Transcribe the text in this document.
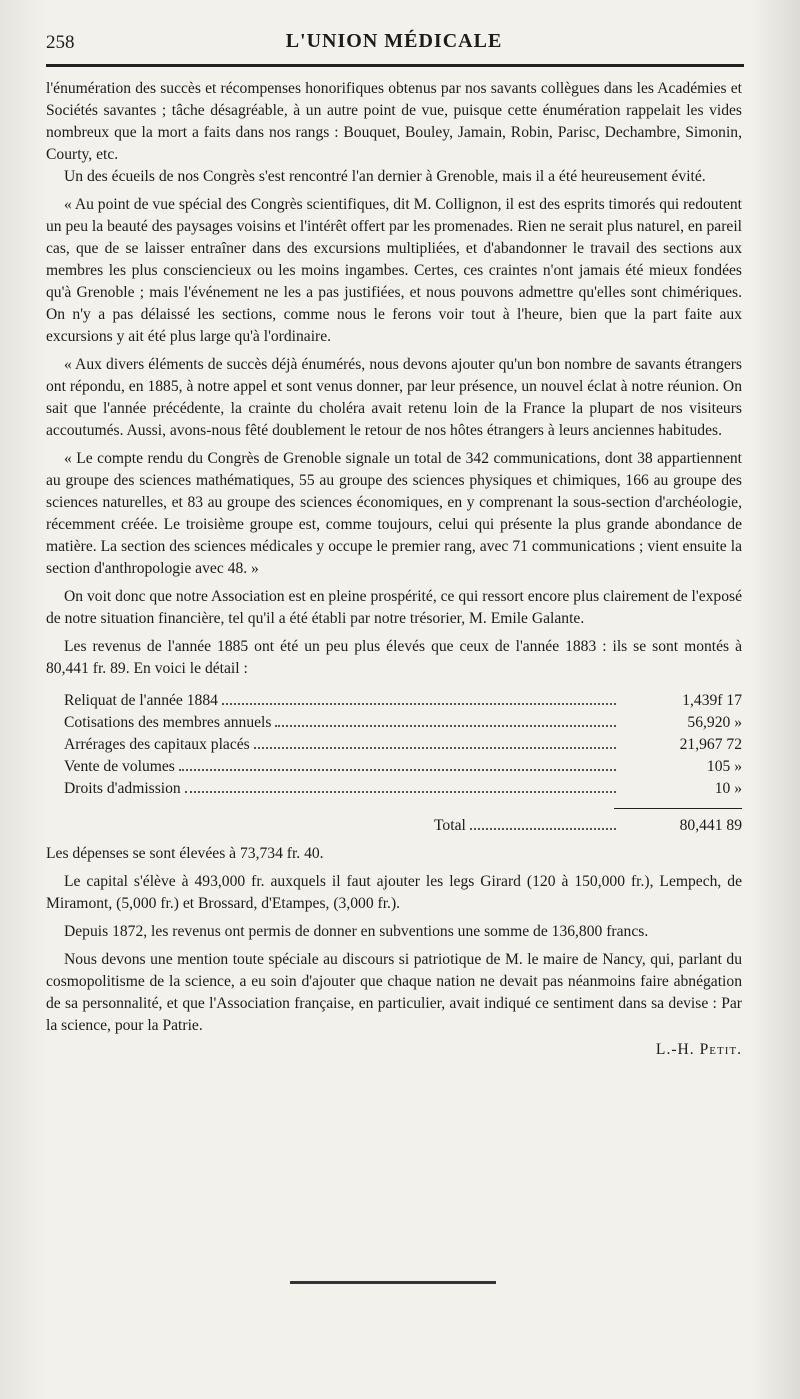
258	L'UNION MÉDICALE

l'énumération des succès et récompenses honorifiques obtenus par nos savants collègues dans les Académies et Sociétés savantes ; tâche désagréable, à un autre point de vue, puisque cette énumération rappelait les vides nombreux que la mort a faits dans nos rangs : Bouquet, Bouley, Jamain, Robin, Parisc, Dechambre, Simonin, Courty, etc.

Un des écueils de nos Congrès s'est rencontré l'an dernier à Grenoble, mais il a été heureusement évité.

« Au point de vue spécial des Congrès scientifiques, dit M. Collignon, il est des esprits timorés qui redoutent un peu la beauté des paysages voisins et l'intérêt offert par les promenades. Rien ne serait plus naturel, en pareil cas, que de se laisser entraîner dans des excursions multipliées, et d'abandonner le travail des sections aux membres les plus consciencieux ou les moins ingambes. Certes, ces craintes n'ont jamais été mieux fondées qu'à Grenoble ; mais l'événement ne les a pas justifiées, et nous pouvons admettre qu'elles sont chimériques. On n'y a pas délaissé les sections, comme nous le ferons voir tout à l'heure, bien que la part faite aux excursions y ait été plus large qu'à l'ordinaire.

« Aux divers éléments de succès déjà énumérés, nous devons ajouter qu'un bon nombre de savants étrangers ont répondu, en 1885, à notre appel et sont venus donner, par leur présence, un nouvel éclat à notre réunion. On sait que l'année précédente, la crainte du choléra avait retenu loin de la France la plupart de nos visiteurs accoutumés. Aussi, avons-nous fêté doublement le retour de nos hôtes étrangers à leurs anciennes habitudes.

« Le compte rendu du Congrès de Grenoble signale un total de 342 communications, dont 38 appartiennent au groupe des sciences mathématiques, 55 au groupe des sciences physiques et chimiques, 166 au groupe des sciences naturelles, et 83 au groupe des sciences économiques, en y comprenant la sous-section d'archéologie, récemment créée. Le troisième groupe est, comme toujours, celui qui présente la plus grande abondance de matière. La section des sciences médicales y occupe le premier rang, avec 71 communications ; vient ensuite la section d'anthropologie avec 48. »

On voit donc que notre Association est en pleine prospérité, ce qui ressort encore plus clairement de l'exposé de notre situation financière, tel qu'il a été établi par notre trésorier, M. Emile Galante.

Les revenus de l'année 1885 ont été un peu plus élevés que ceux de l'année 1883 : ils se sont montés à 80,441 fr. 89. En voici le détail :

Reliquat de l'année 1884	1,439f 17
Cotisations des membres annuels	56,920 »
Arrérages des capitaux placés	21,967 72
Vente de volumes	105 »
Droits d'admission	10 »
Total	80,441 89

Les dépenses se sont élevées à 73,734 fr. 40.

Le capital s'élève à 493,000 fr. auxquels il faut ajouter les legs Girard (120 à 150,000 fr.), Lempech, de Miramont, (5,000 fr.) et Brossard, d'Etampes, (3,000 fr.).

Depuis 1872, les revenus ont permis de donner en subventions une somme de 136,800 francs.

Nous devons une mention toute spéciale au discours si patriotique de M. le maire de Nancy, qui, parlant du cosmopolitisme de la science, a eu soin d'ajouter que chaque nation ne devait pas néanmoins faire abnégation de sa personnalité, et que l'Association française, en particulier, avait indiqué ce sentiment dans sa devise : Par la science, pour la Patrie.

L.-H. Petit.
